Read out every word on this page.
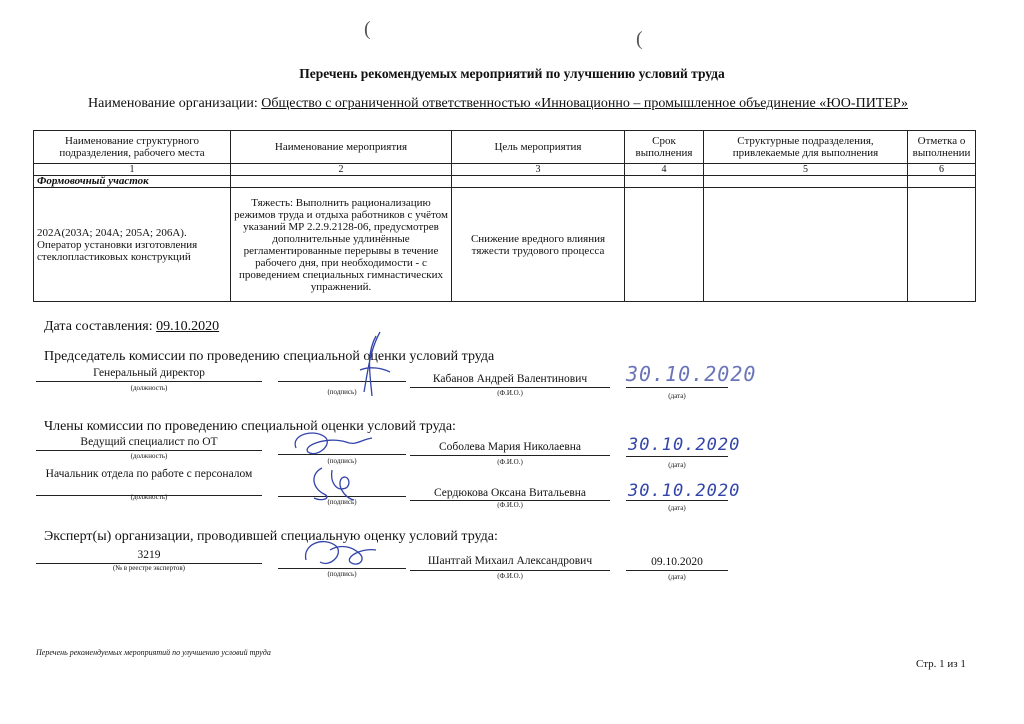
(	(
Перечень рекомендуемых мероприятий по улучшению условий труда
Наименование организации: Общество с ограниченной ответственностью «Инновационно – промышленное объединение «ЮО-ПИТЕР»
Наименование структурного подразделения, рабочего места	Наименование мероприятия	Цель мероприятия	Срок выполнения	Структурные подразделения, привлекаемые для выполнения	Отметка о выполнении
1	2	3	4	5	6
Формовочный участок					
202А(203А; 204А; 205А; 206А). Оператор установки изготовления стеклопластиковых конструкций	Тяжесть: Выполнить рационализацию режимов труда и отдыха работников с учётом указаний МР 2.2.9.2128-06, предусмотрев дополнительные удлинённые регламентированные перерывы в течение рабочего дня, при необходимости - с проведением специальных гимнастических упражнений.	Снижение вредного влияния тяжести трудового процесса			
Дата составления: 09.10.2020
Председатель комиссии по проведению специальной оценки условий труда
Генеральный директор
(должность)	(подпись)
Кабанов Андрей Валентинович
(Ф.И.О.)
30.10.2020
(дата)
Члены комиссии по проведению специальной оценки условий труда:
Ведущий специалист по ОТ
(должность)
(подпись)
Соболева Мария Николаевна
(Ф.И.О.)
30.10.2020
(дата)
Начальник отдела по работе с персоналом
(должность)
(подпись)
Сердюкова Оксана Витальевна
(Ф.И.О.)
30.10.2020
(дата)
Эксперт(ы) организации, проводившей специальную оценку условий труда:
3219
(№ в реестре экспертов)
(подпись)
Шантгай Михаил Александрович
(Ф.И.О.)
09.10.2020
(дата)
Перечень рекомендуемых мероприятий по улучшению условий труда
Стр. 1 из 1
